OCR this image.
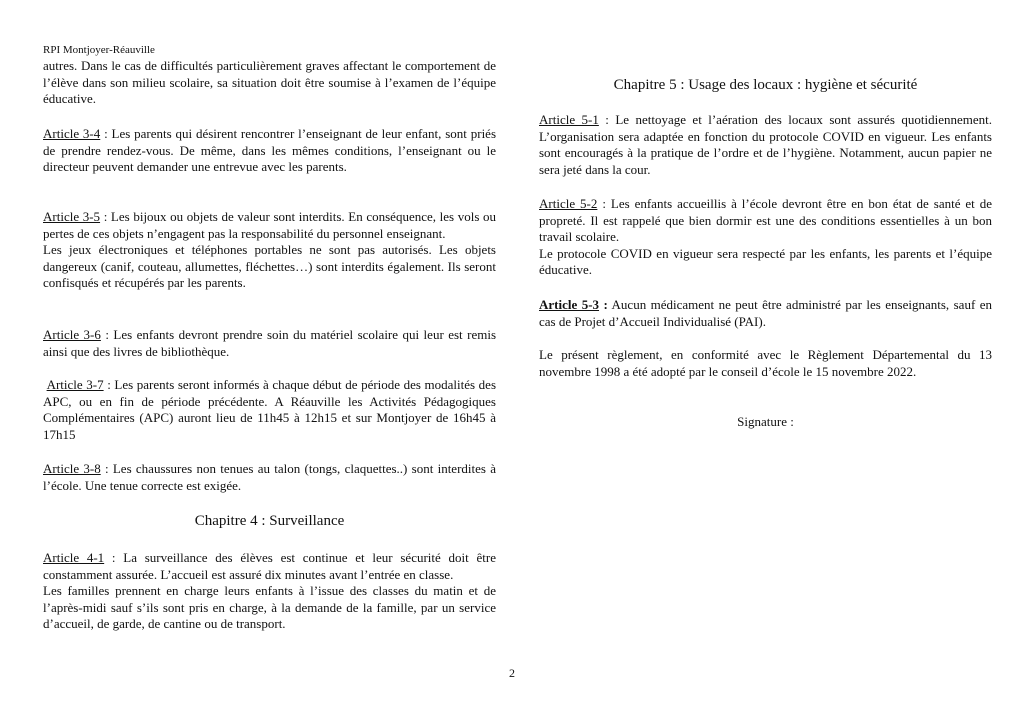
RPI Montjoyer-Réauville

autres. Dans le cas de difficultés particulièrement graves affectant le comportement de l’élève dans son milieu scolaire, sa situation doit être soumise à l’examen de l’équipe éducative.

Article 3-4 : Les parents qui désirent rencontrer l’enseignant de leur enfant, sont priés de prendre rendez-vous. De même, dans les mêmes conditions, l’enseignant ou le directeur peuvent demander une entrevue avec les parents.

Article 3-5 : Les bijoux ou objets de valeur sont interdits. En conséquence, les vols ou pertes de ces objets n’engagent pas la responsabilité du personnel enseignant.

Les jeux électroniques et téléphones portables ne sont pas autorisés. Les objets dangereux (canif, couteau, allumettes, fléchettes…) sont interdits également. Ils seront confisqués et récupérés par les parents.

Article 3-6 : Les enfants devront prendre soin du matériel scolaire qui leur est remis ainsi que des livres de bibliothèque.

Article 3-7 : Les parents seront informés à chaque début de période des modalités des APC, ou en fin de période précédente. A Réauville les Activités Pédagogiques Complémentaires (APC) auront lieu de 11h45 à 12h15 et sur Montjoyer de 16h45 à 17h15

Article 3-8 : Les chaussures non tenues au talon (tongs, claquettes..) sont interdites à l’école. Une tenue correcte est exigée.

Chapitre 4 : Surveillance

Article 4-1 : La surveillance des élèves est continue et leur sécurité doit être constamment assurée. L’accueil est assuré dix minutes avant l’entrée en classe.

Les familles prennent en charge leurs enfants à l’issue des classes du matin et de l’après-midi sauf s’ils sont pris en charge, à la demande de la famille, par un service d’accueil, de garde, de cantine ou de transport.

Chapitre 5 : Usage des locaux : hygiène et sécurité

Article 5-1 : Le nettoyage et l’aération des locaux sont assurés quotidiennement. L’organisation sera adaptée en fonction du protocole COVID en vigueur. Les enfants sont encouragés à la pratique de l’ordre et de l’hygiène. Notamment, aucun papier ne sera jeté dans la cour.

Article 5-2 : Les enfants accueillis à l’école devront être en bon état de santé et de propreté. Il est rappelé que bien dormir est une des conditions essentielles à un bon travail scolaire.

Le protocole COVID en vigueur sera respecté par les enfants, les parents et l’équipe éducative.

Article 5-3 : Aucun médicament ne peut être administré par les enseignants, sauf en cas de Projet d’Accueil Individualisé (PAI).

Le présent règlement, en conformité avec le Règlement Départemental du 13 novembre 1998 a été adopté par le conseil d’école le 15 novembre 2022.

Signature :
2
